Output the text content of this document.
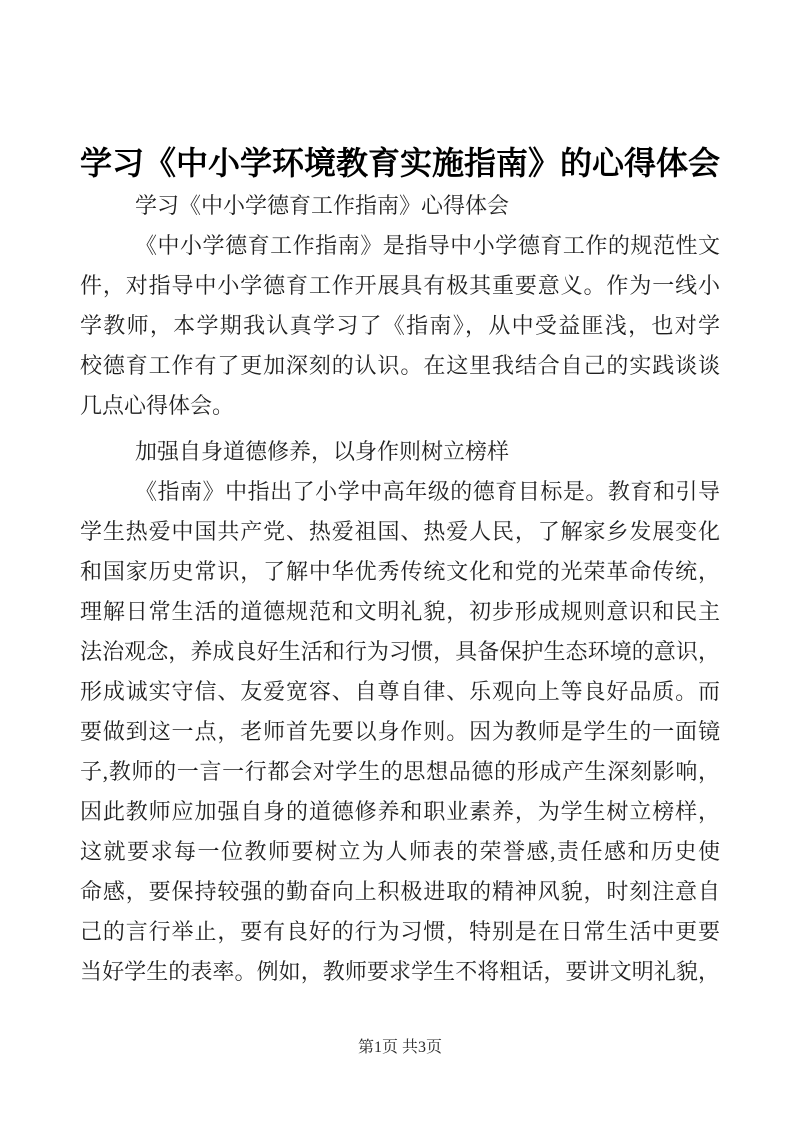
学习《中小学环境教育实施指南》的心得体会
学习《中小学德育工作指南》心得体会
《中小学德育工作指南》是指导中小学德育工作的规范性文
件，对指导中小学德育工作开展具有极其重要意义。作为一线小
学教师，本学期我认真学习了《指南》，从中受益匪浅，也对学
校德育工作有了更加深刻的认识。在这里我结合自己的实践谈谈
几点心得体会。
加强自身道德修养，以身作则树立榜样
《指南》中指出了小学中高年级的德育目标是。教育和引导
学生热爱中国共产党、热爱祖国、热爱人民，了解家乡发展变化
和国家历史常识，了解中华优秀传统文化和党的光荣革命传统，
理解日常生活的道德规范和文明礼貌，初步形成规则意识和民主
法治观念，养成良好生活和行为习惯，具备保护生态环境的意识，
形成诚实守信、友爱宽容、自尊自律、乐观向上等良好品质。而
要做到这一点，老师首先要以身作则。因为教师是学生的一面镜
子,教师的一言一行都会对学生的思想品德的形成产生深刻影响，
因此教师应加强自身的道德修养和职业素养，为学生树立榜样，
这就要求每一位教师要树立为人师表的荣誉感,责任感和历史使
命感，要保持较强的勤奋向上积极进取的精神风貌，时刻注意自
己的言行举止，要有良好的行为习惯，特别是在日常生活中更要
当好学生的表率。例如，教师要求学生不将粗话，要讲文明礼貌，
第1页 共3页
